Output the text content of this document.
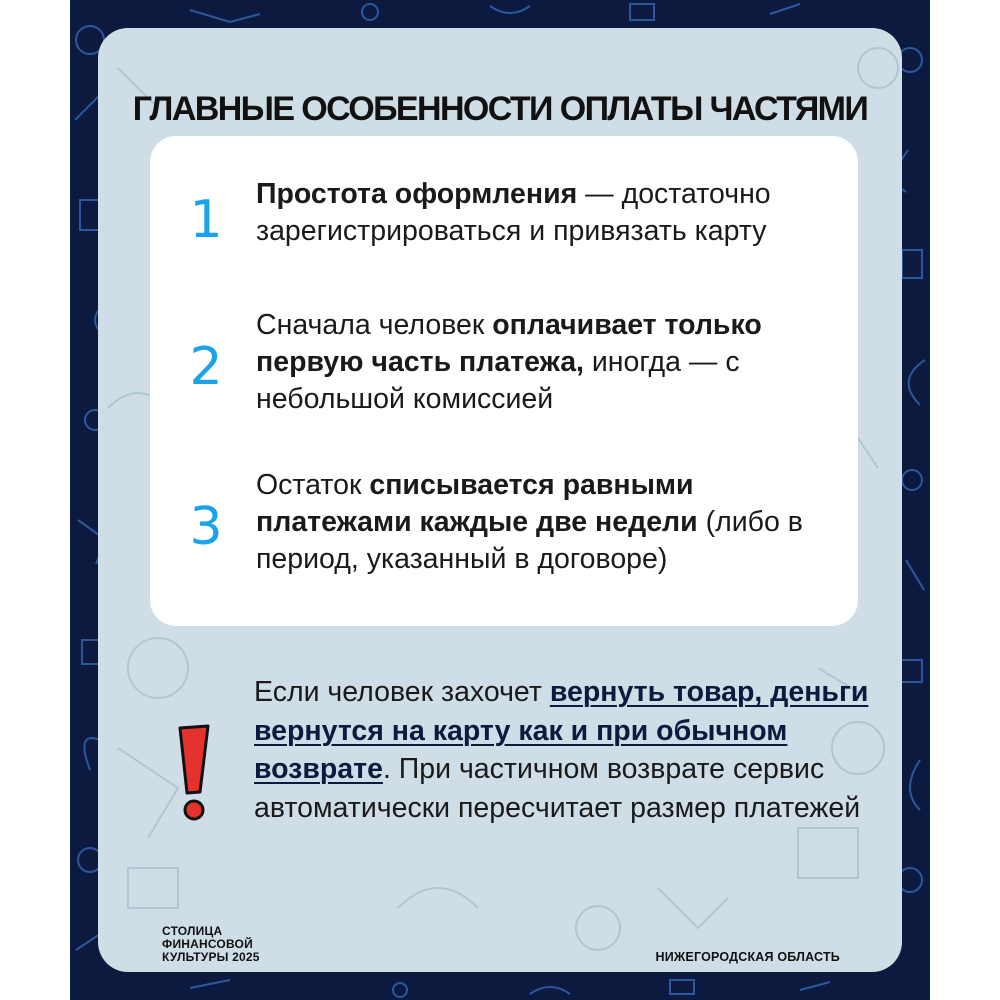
ГЛАВНЫЕ ОСОБЕННОСТИ ОПЛАТЫ ЧАСТЯМИ
1 Простота оформления — достаточно зарегистрироваться и привязать карту
2
Сначала человек оплачивает только первую часть платежа, иногда — с небольшой комиссией
3
Остаток списывается равными платежами каждые две недели (либо в период, указанный в договоре)
Если человек захочет вернуть товар, деньги вернутся на карту как и при обычном возврате. При частичном возврате сервис автоматически пересчитает размер платежей
СТОЛИЦА
ФИНАНСОВОЙ
КУЛЬТУРЫ 2025	НИЖЕГОРОДСКАЯ ОБЛАСТЬ
